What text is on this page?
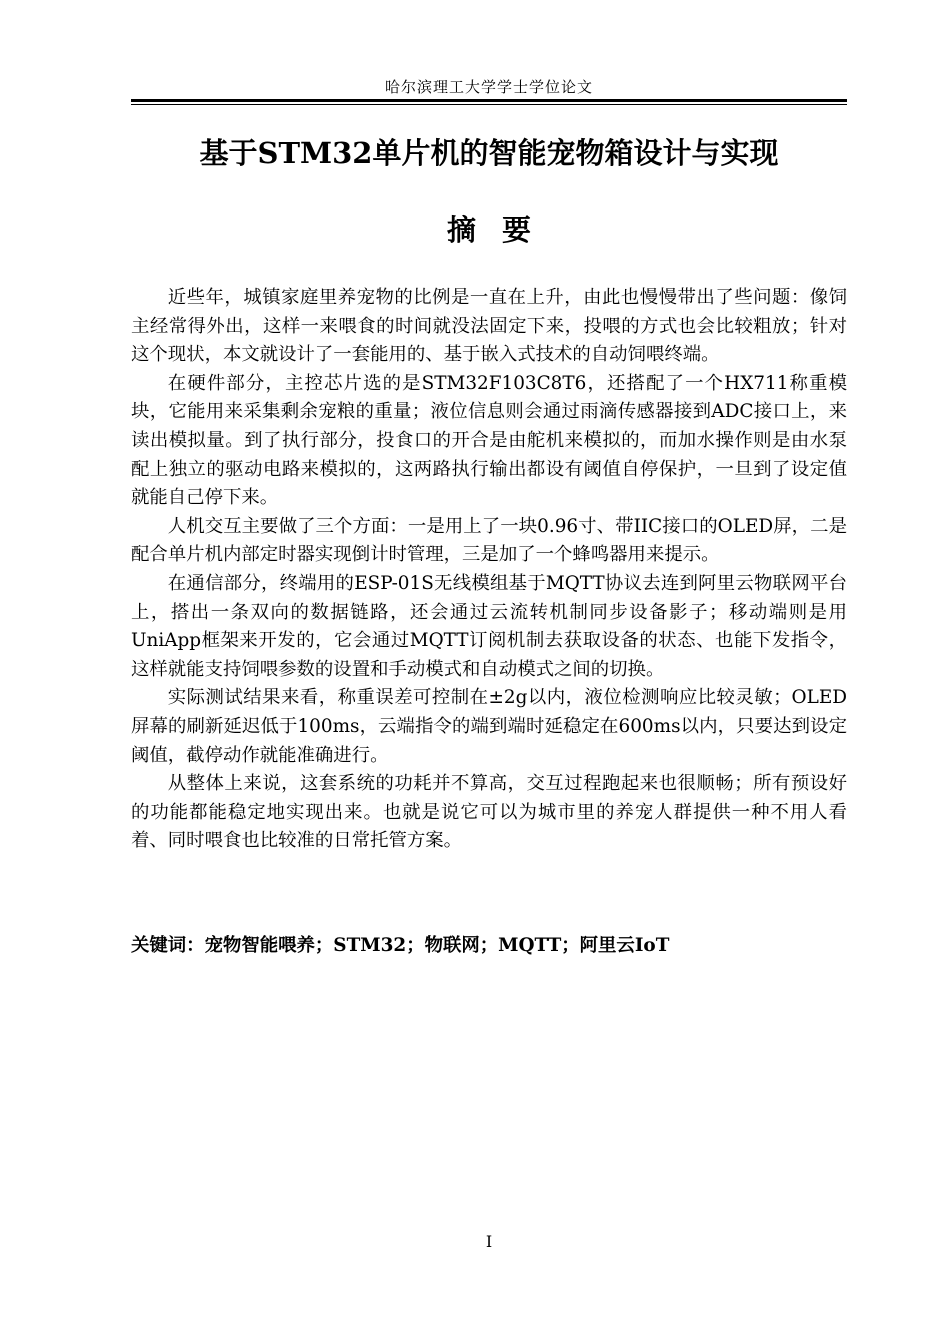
哈尔滨理工大学学士学位论文
基于STM32单片机的智能宠物箱设计与实现
摘要

近些年，城镇家庭里养宠物的比例是一直在上升，由此也慢慢带出了些问题：像饲主经常得外出，这样一来喂食的时间就没法固定下来，投喂的方式也会比较粗放；针对这个现状，本文就设计了一套能用的、基于嵌入式技术的自动饲喂终端。

在硬件部分，主控芯片选的是STM32F103C8T6，还搭配了一个HX711称重模块，它能用来采集剩余宠粮的重量；液位信息则会通过雨滴传感器接到ADC接口上，来读出模拟量。到了执行部分，投食口的开合是由舵机来模拟的，而加水操作则是由水泵配上独立的驱动电路来模拟的，这两路执行输出都设有阈值自停保护，一旦到了设定值就能自己停下来。

人机交互主要做了三个方面：一是用上了一块0.96寸、带IIC接口的OLED屏，二是配合单片机内部定时器实现倒计时管理，三是加了一个蜂鸣器用来提示。

在通信部分，终端用的ESP-01S无线模组基于MQTT协议去连到阿里云物联网平台上，搭出一条双向的数据链路，还会通过云流转机制同步设备影子；移动端则是用UniApp框架来开发的，它会通过MQTT订阅机制去获取设备的状态、也能下发指令，这样就能支持饲喂参数的设置和手动模式和自动模式之间的切换。

实际测试结果来看，称重误差可控制在±2g以内，液位检测响应比较灵敏；OLED屏幕的刷新延迟低于100ms，云端指令的端到端时延稳定在600ms以内，只要达到设定阈值，截停动作就能准确进行。

从整体上来说，这套系统的功耗并不算高，交互过程跑起来也很顺畅；所有预设好的功能都能稳定地实现出来。也就是说它可以为城市里的养宠人群提供一种不用人看着、同时喂食也比较准的日常托管方案。

关键词：宠物智能喂养；STM32；物联网；MQTT；阿里云IoT
I
